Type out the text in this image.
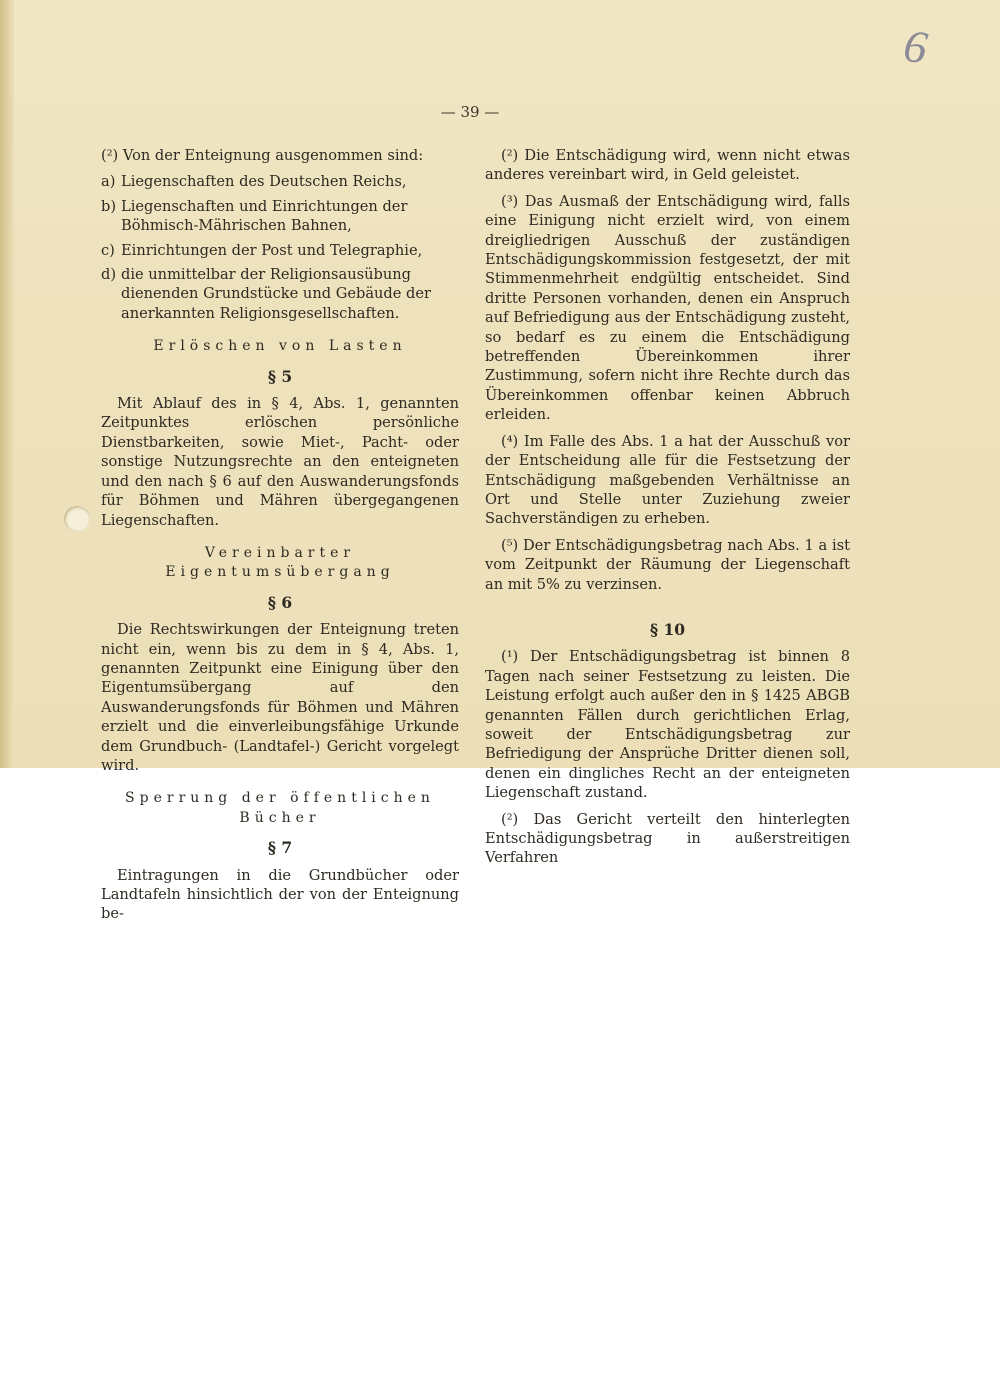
— 39 —
6

(²) Von der Enteignung ausgenommen sind:

a) Liegenschaften des Deutschen Reichs,
b) Liegenschaften und Einrichtungen der Böhmisch-Mährischen Bahnen,
c) Einrichtungen der Post und Telegraphie,
d) die unmittelbar der Religionsausübung dienenden Grundstücke und Gebäude der anerkannten Religionsgesellschaften.
Erlöschen von Lasten
§ 5

Mit Ablauf des in § 4, Abs. 1, genannten Zeitpunktes erlöschen persönliche Dienstbarkeiten, sowie Miet-, Pacht- oder sonstige Nutzungsrechte an den enteigneten und den nach § 6 auf den Auswanderungsfonds für Böhmen und Mähren übergegangenen Liegenschaften.

Vereinbarter Eigentumsübergang
§ 6

Die Rechtswirkungen der Enteignung treten nicht ein, wenn bis zu dem in § 4, Abs. 1, genannten Zeitpunkt eine Einigung über den Eigentumsübergang auf den Auswanderungsfonds für Böhmen und Mähren erzielt und die einverleibungsfähige Urkunde dem Grundbuch- (Landtafel-) Gericht vorgelegt wird.

Sperrung der öffentlichen Bücher
§ 7

Eintragungen in die Grundbücher oder Landtafeln hinsichtlich der von der Enteignung be-

(²) Die Entschädigung wird, wenn nicht etwas anderes vereinbart wird, in Geld geleistet.

(³) Das Ausmaß der Entschädigung wird, falls eine Einigung nicht erzielt wird, von einem dreigliedrigen Ausschuß der zuständigen Entschädigungskommission festgesetzt, der mit Stimmenmehrheit endgültig entscheidet. Sind dritte Personen vorhanden, denen ein Anspruch auf Befriedigung aus der Entschädigung zusteht, so bedarf es zu einem die Entschädigung betreffenden Übereinkommen ihrer Zustimmung, sofern nicht ihre Rechte durch das Übereinkommen offenbar keinen Abbruch erleiden.

(⁴) Im Falle des Abs. 1 a hat der Ausschuß vor der Entscheidung alle für die Festsetzung der Entschädigung maßgebenden Verhältnisse an Ort und Stelle unter Zuziehung zweier Sachverständigen zu erheben.

(⁵) Der Entschädigungsbetrag nach Abs. 1 a ist vom Zeitpunkt der Räumung der Liegenschaft an mit 5% zu verzinsen.

§ 10

(¹) Der Entschädigungsbetrag ist binnen 8 Tagen nach seiner Festsetzung zu leisten. Die Leistung erfolgt auch außer den in § 1425 ABGB genannten Fällen durch gerichtlichen Erlag, soweit der Entschädigungsbetrag zur Befriedigung der Ansprüche Dritter dienen soll, denen ein dingliches Recht an der enteigneten Liegenschaft zustand.

(²) Das Gericht verteilt den hinterlegten Entschädigungsbetrag in außerstreitigen Verfahren
